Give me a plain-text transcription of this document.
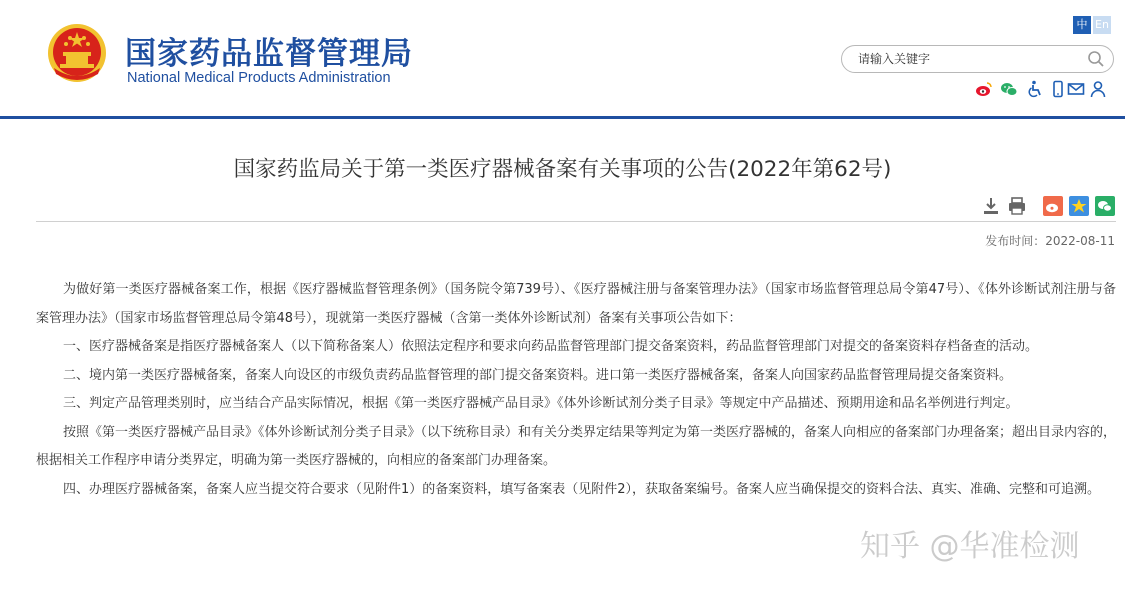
国家药品监督管理局
National Medical Products Administration
中 En
请输入关键字
国家药监局关于第一类医疗器械备案有关事项的公告(2022年第62号)
发布时间：2022-08-11

为做好第一类医疗器械备案工作，根据《医疗器械监督管理条例》（国务院令第739号）、《医疗器械注册与备案管理办法》（国家市场监督管理总局令第47号）、《体外诊断试剂注册与备案管理办法》（国家市场监督管理总局令第48号），现就第一类医疗器械（含第一类体外诊断试剂）备案有关事项公告如下：

一、医疗器械备案是指医疗器械备案人（以下简称备案人）依照法定程序和要求向药品监督管理部门提交备案资料，药品监督管理部门对提交的备案资料存档备查的活动。

二、境内第一类医疗器械备案，备案人向设区的市级负责药品监督管理的部门提交备案资料。进口第一类医疗器械备案，备案人向国家药品监督管理局提交备案资料。

三、判定产品管理类别时，应当结合产品实际情况，根据《第一类医疗器械产品目录》《体外诊断试剂分类子目录》等规定中产品描述、预期用途和品名举例进行判定。

按照《第一类医疗器械产品目录》《体外诊断试剂分类子目录》（以下统称目录）和有关分类界定结果等判定为第一类医疗器械的，备案人向相应的备案部门办理备案；超出目录内容的，根据相关工作程序申请分类界定，明确为第一类医疗器械的，向相应的备案部门办理备案。

四、办理医疗器械备案，备案人应当提交符合要求（见附件1）的备案资料，填写备案表（见附件2），获取备案编号。备案人应当确保提交的资料合法、真实、准确、完整和可追溯。

知乎 @华准检测
